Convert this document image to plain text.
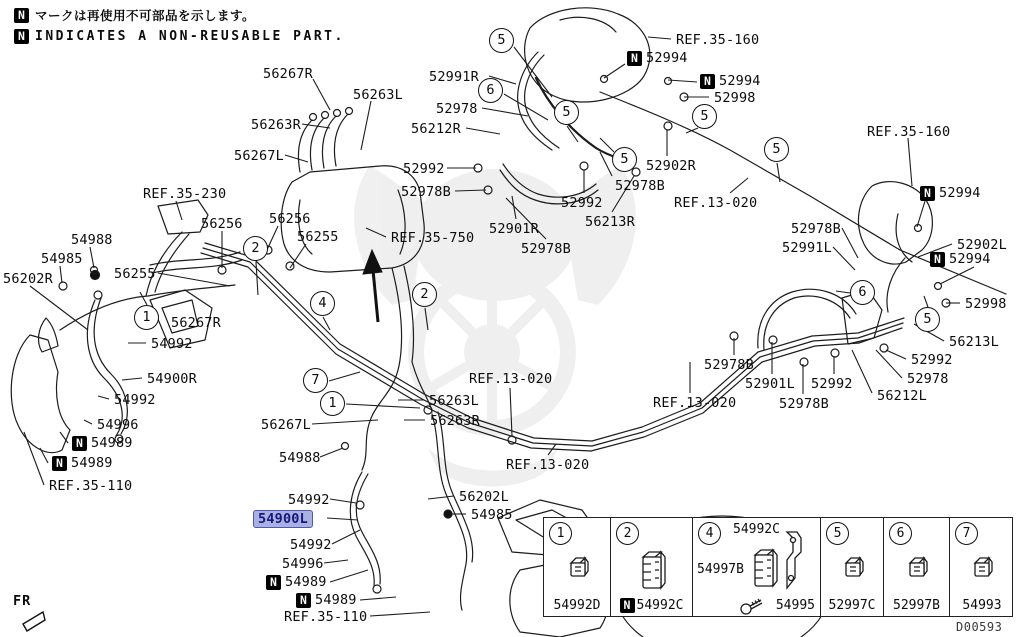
N マークは再使用不可部品を示します。
N INDICATES A NON-REUSABLE PART.
56267R
56263L
56263R
56267L
REF.35-230
56256
56255
56256
56255	REF.35-750
54988
54985
56202R
56267R
54992
54900R
54992
54996
N 54989
N 54989
REF.35-110
56263L
56263R
56267L
54988
54992
54900L
56202L
54985
54992
54996
N 54989
N 54989
REF.35-110
REF.13-020
REF.13-020
REF.13-020
REF.13-020
52991R
52978
56212R
52992
52978B
52901R
52978B
52992
56213R
52902R
52978B
N 52994
N 52994
52998
REF.35-160
REF.35-160
N 52994
52902L
N 52994
52998
52978B
52991L
56213L
52992
52978
56212L
52901L 52992
52978B
52978B
1
2
2
4
7
1
5
6
5
5
5
5
6
5
1
54992D
2
N 54992C
4	54992C
54997B
54995
5
52997C
6
52997B
7
54993
D00593
FR
